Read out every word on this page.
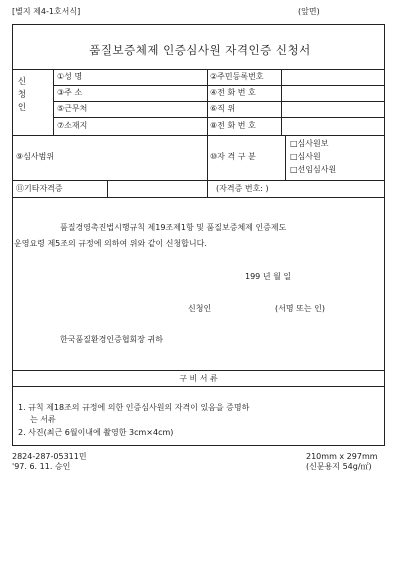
[별지 제4-1호서식]	(앞면)
품질보증체제 인증심사원 자격인증 신청서
신
청
인
①성 명	②주민등록번호
③주 소	④전 화 번 호
⑤근무처	⑥직 위
⑦소재지	⑧전 화 번 호
⑨심사범위	⑩자 격 구 분
□심사원보
□심사원
□선임심사원
⑪기타자격증	(자격증 번호: )
품질경영촉진법시행규칙 제19조제1항 및 품질보증체제 인증제도
운영요령 제5조의 규정에 의하여 위와 같이 신청합니다.
199 년 월 일
신청인	(서명 또는 인)
한국품질환경인증협회장 귀하
구 비 서 류
1. 규칙 제18조의 규정에 의한 인증심사원의 자격이 있음을 증명하
는 서류
2. 사진(최근 6월이내에 촬영한 3cm×4cm)
2824-287-05311민
'97. 6. 11. 승인
210mm x 297mm
(신문용지 54g/㎡)
